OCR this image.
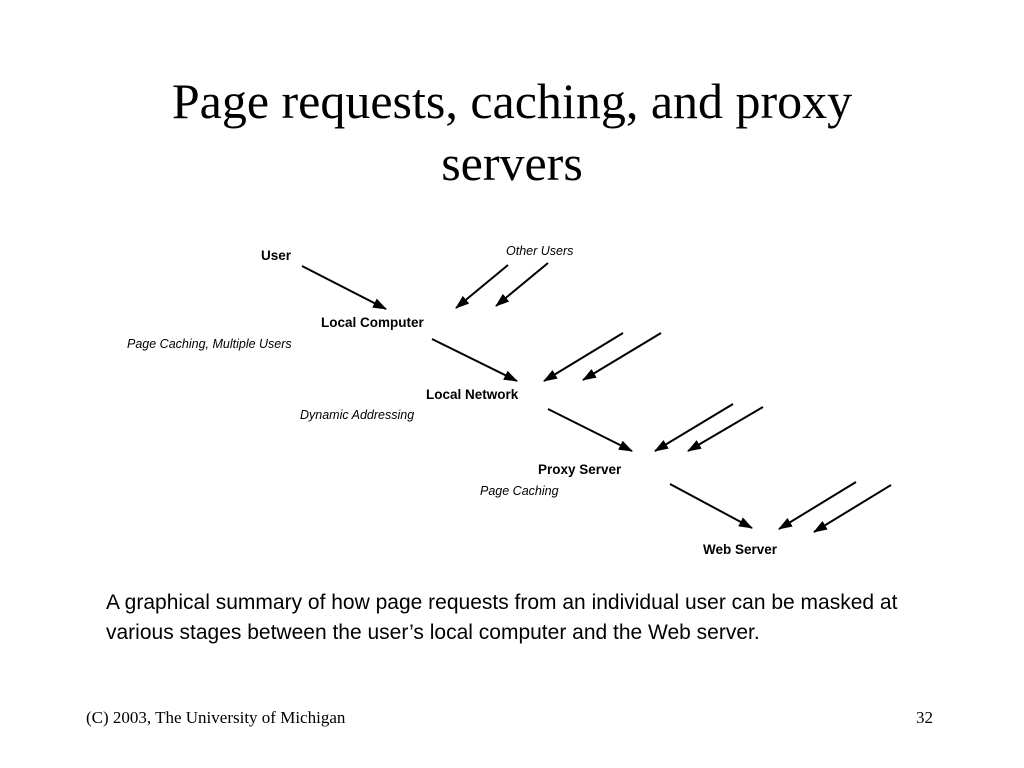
Page requests, caching, and proxy
servers
User	Other Users
Local Computer
Page Caching, Multiple Users
Local Network
Dynamic Addressing
Proxy Server
Page Caching
Web Server

A graphical summary of how page requests from an individual user can be masked at various stages between the user’s local computer and the Web server.

(C) 2003, The University of Michigan	32
